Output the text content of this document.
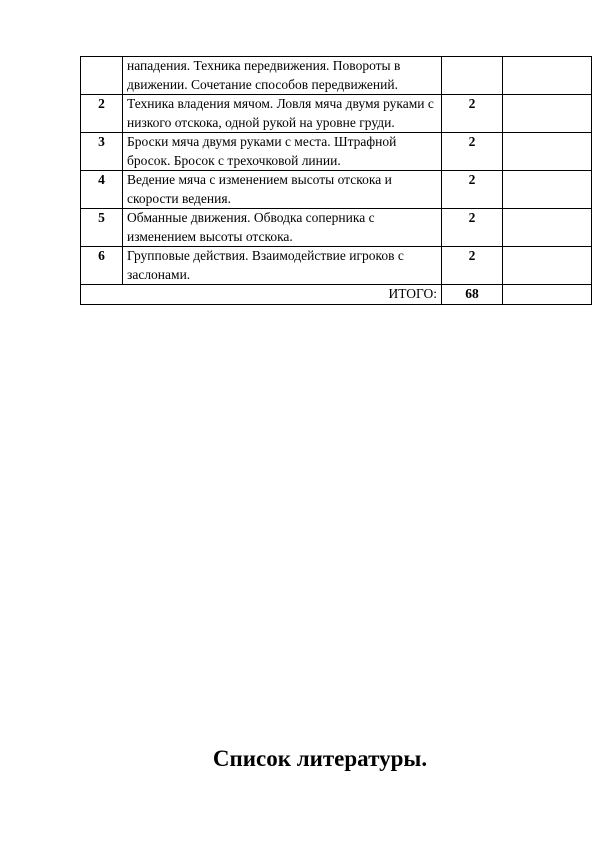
	нападения. Техника передвижения. Повороты в движении. Сочетание способов передвижений.		
2	Техника владения мячом. Ловля мяча двумя руками с низкого отскока, одной рукой на уровне груди.	2	
3	Броски мяча двумя руками с места. Штрафной бросок. Бросок с трехочковой линии.	2	
4	Ведение мяча с изменением высоты отскока и скорости ведения.	2	
5	Обманные движения. Обводка соперника с изменением высоты отскока.	2	
6	Групповые действия. Взаимодействие игроков с заслонами.	2	
ИТОГО:		68	
Список литературы.
